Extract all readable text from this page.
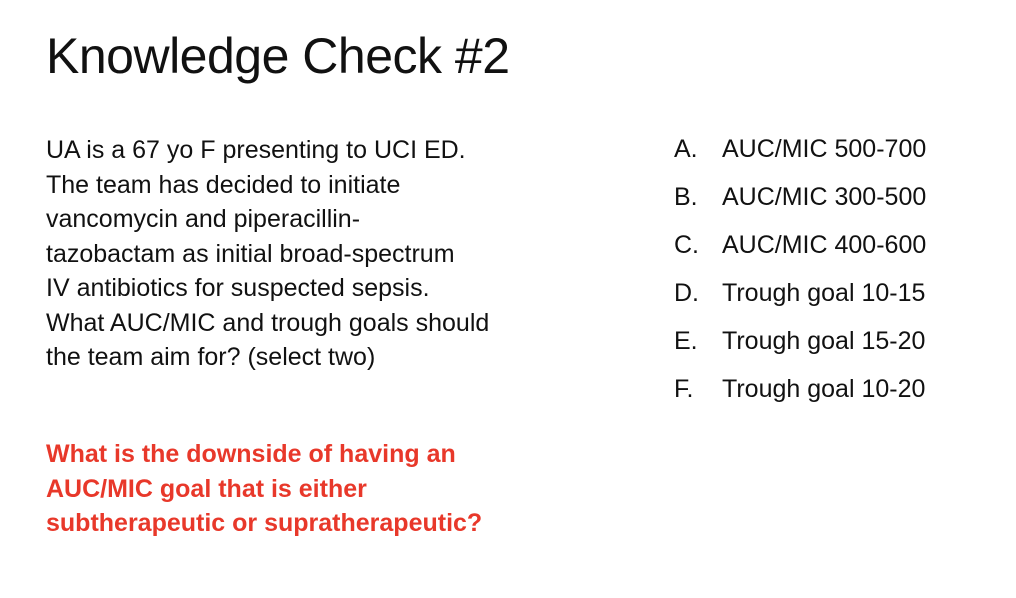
Knowledge Check #2
UA is a 67 yo F presenting to UCI ED.
The team has decided to initiate
vancomycin and piperacillin-
tazobactam as initial broad-spectrum
IV antibiotics for suspected sepsis.
What AUC/MIC and trough goals should
the team aim for? (select two)
What is the downside of having an
AUC/MIC goal that is either
subtherapeutic or supratherapeutic?
A. AUC/MIC 500-700
B. AUC/MIC 300-500
C. AUC/MIC 400-600
D. Trough goal 10-15
E. Trough goal 15-20
F.	Trough goal 10-20
